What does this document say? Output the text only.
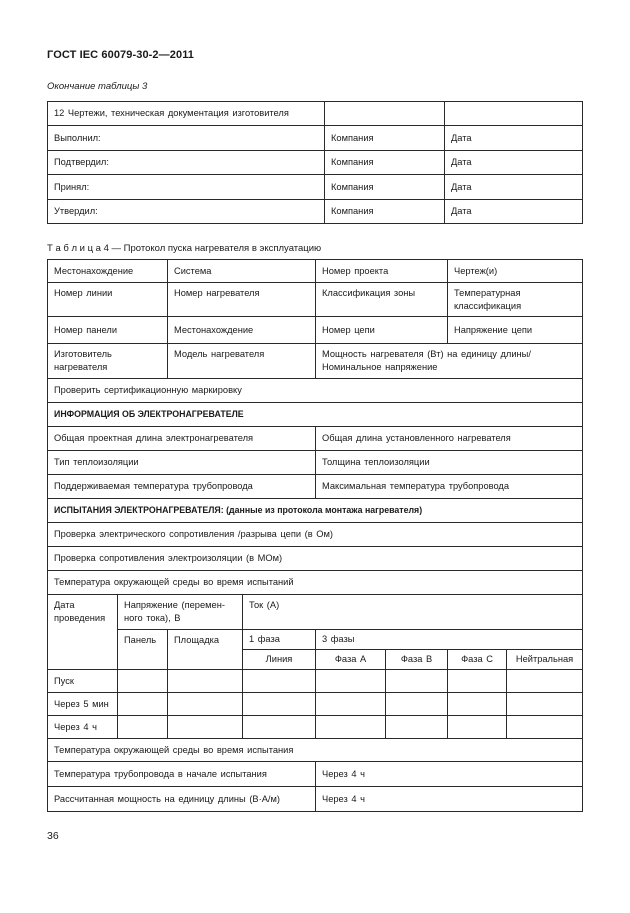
ГОСТ IEC 60079-30-2—2011
Окончание таблицы 3
12 Чертежи, техническая документация изготовителя		
Выполнил:	Компания	Дата
Подтвердил:	Компания	Дата
Принял:	Компания	Дата
Утвердил:	Компания	Дата
Т а б л и ц а 4 — Протокол пуска нагревателя в эксплуатацию
Местонахождение		Система		Номер проекта		Чертеж(и)	
Номер линии		Номер нагревателя		Классификация зоны		Температурная классификация	
Номер панели		Местонахождение		Номер цепи		Напряжение цепи	
Изготовитель нагревателя		Модель нагревателя		Мощность нагревателя (Вт) на единицу длины/ Номинальное напряжение			
Проверить сертификационную маркировку							
ИНФОРМАЦИЯ ОБ ЭЛЕКТРОНАГРЕВАТЕЛЕ							
Общая проектная длина электронагревателя				Общая длина установленного нагревателя			
Тип теплоизоляции				Толщина теплоизоляции			
Поддерживаемая температура трубопровода				Максимальная температура трубопровода			
ИСПЫТАНИЯ ЭЛЕКТРОНАГРЕВАТЕЛЯ: (данные из протокола монтажа нагревателя)							
Проверка электрического сопротивления /разрыва цепи (в Ом)							
Проверка сопротивления электроизоляции (в МОм)							
Температура окружающей среды во время испытаний							
Дата проведения	Напряжение (перемен-ного тока), В		Ток (А)				
	Панель	Площадка	1 фаза	3 фазы			
			Линия	Фаза А	Фаза В	Фаза С	Нейтральная
Пуск							
Через 5 мин							
Через 4 ч							
Температура окружающей среды во время испытания							
Температура трубопровода в начале испытания				Через 4 ч			
Рассчитанная мощность на единицу длины (В·А/м)				Через 4 ч			
36
